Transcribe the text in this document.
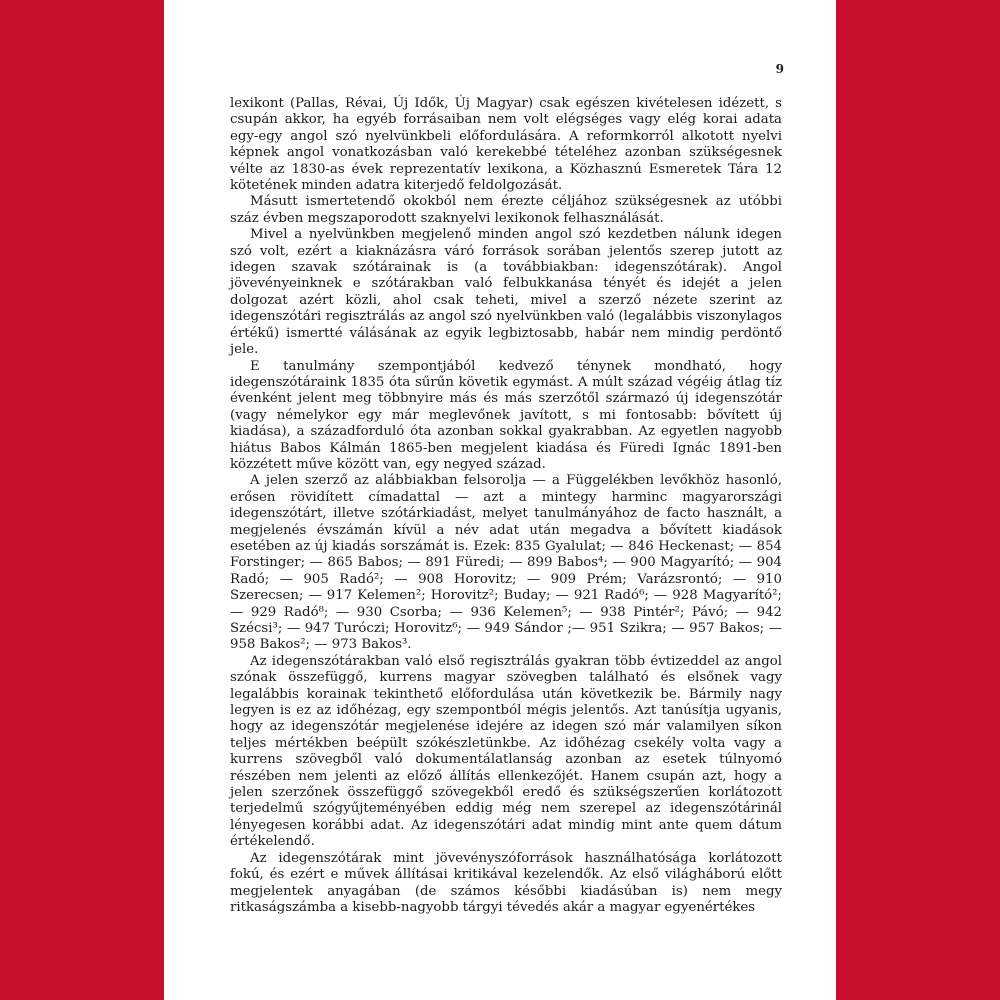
9

lexikont (Pallas, Révai, Új Idők, Új Magyar) csak egészen kivételesen idézett, s csupán akkor, ha egyéb forrásaiban nem volt elégséges vagy elég korai adata egy-egy angol szó nyelvünkbeli előfordulására. A reformkorról alkotott nyelvi képnek angol vonatkozásban való kerekebbé tételéhez azonban szükségesnek vélte az 1830-as évek reprezentatív lexikona, a Közhasznú Esmeretek Tára 12 kötetének minden adatra kiterjedő feldolgozását.

Másutt ismertetendő okokból nem érezte céljához szükségesnek az utóbbi száz évben megszaporodott szaknyelvi lexikonok felhasználását.

Mivel a nyelvünkben megjelenő minden angol szó kezdetben nálunk idegen szó volt, ezért a kiaknázásra váró források sorában jelentős szerep jutott az idegen szavak szótárainak is (a továbbiakban: idegenszótárak). Angol jövevényeinknek e szótárakban való felbukkanása tényét és idejét a jelen dolgozat azért közli, ahol csak teheti, mivel a szerző nézete szerint az idegenszótári regisztrálás az angol szó nyelvünkben való (legalábbis viszonylagos értékű) ismertté válásának az egyik legbiztosabb, habár nem mindig perdöntő jele.

E tanulmány szempontjából kedvező ténynek mondható, hogy idegenszótáraink 1835 óta sűrűn követik egymást. A múlt század végéig átlag tíz évenként jelent meg többnyire más és más szerzőtől származó új idegenszótár (vagy némelykor egy már meglevőnek javított, s mi fontosabb: bővített új kiadása), a századforduló óta azonban sokkal gyakrabban. Az egyetlen nagyobb hiátus Babos Kálmán 1865-ben megjelent kiadása és Füredi Ignác 1891-ben közzétett műve között van, egy negyed század.

A jelen szerző az alábbiakban felsorolja — a Függelékben levőkhöz hasonló, erősen rövidített címadattal — azt a mintegy harminc magyarországi idegenszótárt, illetve szótárkiadást, melyet tanulmányához de facto használt, a megjelenés évszámán kívül a név adat után megadva a bővített kiadások esetében az új kiadás sorszámát is. Ezek: 835 Gyalulat; — 846 Heckenast; — 854 Forstinger; — 865 Babos; — 891 Füredi; — 899 Babos⁴; — 900 Magyarító; — 904 Radó; — 905 Radó²; — 908 Horovitz; — 909 Prém; Varázsrontó; — 910 Szerecsen; — 917 Kelemen²; Horovitz²; Buday; — 921 Radó⁶; — 928 Magyarító²; — 929 Radó⁸; — 930 Csorba; — 936 Kelemen⁵; — 938 Pintér²; Pávó; — 942 Szécsi³; — 947 Turóczi; Horovitz⁶; — 949 Sándor ;— 951 Szikra; — 957 Bakos; — 958 Bakos²; — 973 Bakos³.

Az idegenszótárakban való első regisztrálás gyakran több évtizeddel az angol szónak összefüggő, kurrens magyar szövegben található és elsőnek vagy legalábbis korainak tekinthető előfordulása után következik be. Bármily nagy legyen is ez az időhézag, egy szempontból mégis jelentős. Azt tanúsítja ugyanis, hogy az idegenszótár megjelenése idejére az idegen szó már valamilyen síkon teljes mértékben beépült szókészletünkbe. Az időhézag csekély volta vagy a kurrens szövegből való dokumentálatlanság azonban az esetek túlnyomó részében nem jelenti az előző állítás ellenkezőjét. Hanem csupán azt, hogy a jelen szerzőnek összefüggő szövegekből eredő és szükségszerűen korlátozott terjedelmű szógyűjteményében eddig még nem szerepel az idegenszótárinál lényegesen korábbi adat. Az idegenszótári adat mindig mint ante quem dátum értékelendő.

Az idegenszótárak mint jövevényszóforrások használhatósága korlátozott fokú, és ezért e művek állításai kritikával kezelendők. Az első világháború előtt megjelentek anyagában (de számos későbbi kiadásúban is) nem megy ritkaságszámba a kisebb-nagyobb tárgyi tévedés akár a magyar egyenértékes
